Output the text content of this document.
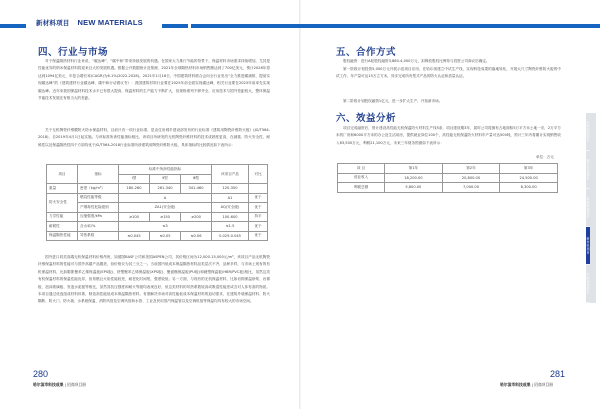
新材料项目 NEW MATERIALS
四、行业与市场
对于保温隔热材料行业来说，“碳达峰”、“碳中和”带来持续发展的机遇。在国家大力推行节能的背景下，保温材料市场需求持续增加，尤其是性能优异的纳米保温材料将迎来巨大的发展机遇。根据公开数据统计及预测，2021年全球隔热材料市场销售额达到了700亿美元，预计2028年将达到1094亿美元，年复合增长率(CAGR)为6.1%(2022-2028)。2021年1月16日，中国建筑材料联合会向全行业发出“全力推进碳减排，提前实现碳达峰”的《建筑建材行业碳达峰、碳中和行动倡议书》：我国建筑材料行业要在2025年前全面实现碳达峰，相关行业要在2023年前率先实现碳达峰。近年来我国保温材料技术水平已有很大提高，保温材料的生产能力不断扩大，但规格系列不够齐全，应用技术与国外差距较大，整体保温节能技术发展还有相当大的差距。
关于无机陶瓷纤维膜防火防水保温材料，目前只有一项行业标准，是由住房城乡建设部发布的行业标准《建筑用陶瓷纤维防火板》(JG/T564-2018)，自2019年4月1日起实施。与该标准所涉性能指标相比，该项目所研发的无机陶瓷纤维材料的技术成熟度更高，在减重、防火安全性、耐候性以及保温隔热性四个方面均优于JG/T564-2018行业标准所涉建筑用陶瓷纤维防火板，具体指标的比较情况如下表所示：
项目	指标	标准中所涉性能指标			该项目产品	对比
		Ⅰ型	Ⅱ型	Ⅲ型		
重量	密度（kg/m³）	180-260	261-340	341-460	120-350	
防火安全性	燃烧性能等级	A			A1	优于
	产烟毒性危险级别	ZA1(安全级)			AQ(安全级)	优于
力学性能	压缩强度/kPa	≥100	≥150	≥200	100-600	持平
耐候性	含水率/%	≤3			≤1.5	优于
保温隔热性能	导热系数	≤0.045	≤0.05	≤0.06	0.029-0.045	优于
国外进口同类高端无机保温材料价格昂贵，如德国BASF公司和美国ASPEN公司，其价格区间为12,000-15,000元/m³，该项目产品无机陶瓷纤维保温材料的性能可与国外高端产品媲美，但价格仅为其三分之一。当前国内低成本保温隔热材料品类层次不齐，品种多样，与市场上现有的有机保温材料，比如膨胀聚苯乙烯保温板(EPS板)、挤塑聚苯乙烯保温板(XPS板)、聚氨酯保温板(PU板)和硬塑保温板(HBR/PVC板)相比，虽然这类有机保温材料的保温性能优异，但易燃且火焰性能较差，耐老化时间短，强度较低；另一方面，与现有的无机保温材料，比如岩棉保温砂浆、岩棉板、泡沫玻璃板、发泡水泥板等相比，虽然其抗压强度和耐火等级均表现良好，但这类材料的导热系数较高或吸湿性能差或含对人体有害的物质。本项目通过优选组成材料体系，制造高性能低成本保温隔热材料，有望解决市场对高性能低成本保温材料的迫切需求，在建筑外墙保温材料、防火隔断、防火门、防火墙、水系统保温、消防风管及空调风管和水管、工业及民用蒸汽保温管以及空调机组等保温均具有较大的市场空间。
280
哈尔滨市科技成果 | 招商项目册
五、合作方式
股权融资：进行A轮股权融资3,880-4,000万元，拟释放股权比例待与投资公司商议后确定。
第一阶段计划投资5,000万元开展示范项目应用，在哈尔滨建立中试生产线，实现科技成果的落地转化，开展大尺寸陶瓷纤维防火板的中试工作，年产量可达15万立方米，同步完成所有型式产品的防火认证和质量认证。
第二阶段计划股权融资1亿元，进一步扩大生产，开拓新市场。
六、效益分析
项目完成融资后，预计建设高性能无机保温防火材料生产线5条，项目建设期3年，届时公司将拥有占地面积5万平方米土地一宗，2万平方米的厂房和6000平方米的办公及生活用房，提供就业岗位100个，高性能无机保温防火材料年产量可达500吨，预计三年内将累计实现销售收入63,500万元，利税21,100万元，未来三年财务预测如下表所示：
单位：万元
项 目	第1年	第2年	第3年
营业收入	18,200.00	20,800.00	24,500.00
利税总额	5,800.00	7,000.00	8,300.00
281
哈尔滨市科技成果 | 招商项目册
生物医药项目
现代农业项目
高端装备项目
新材料项目
节能环保项目
